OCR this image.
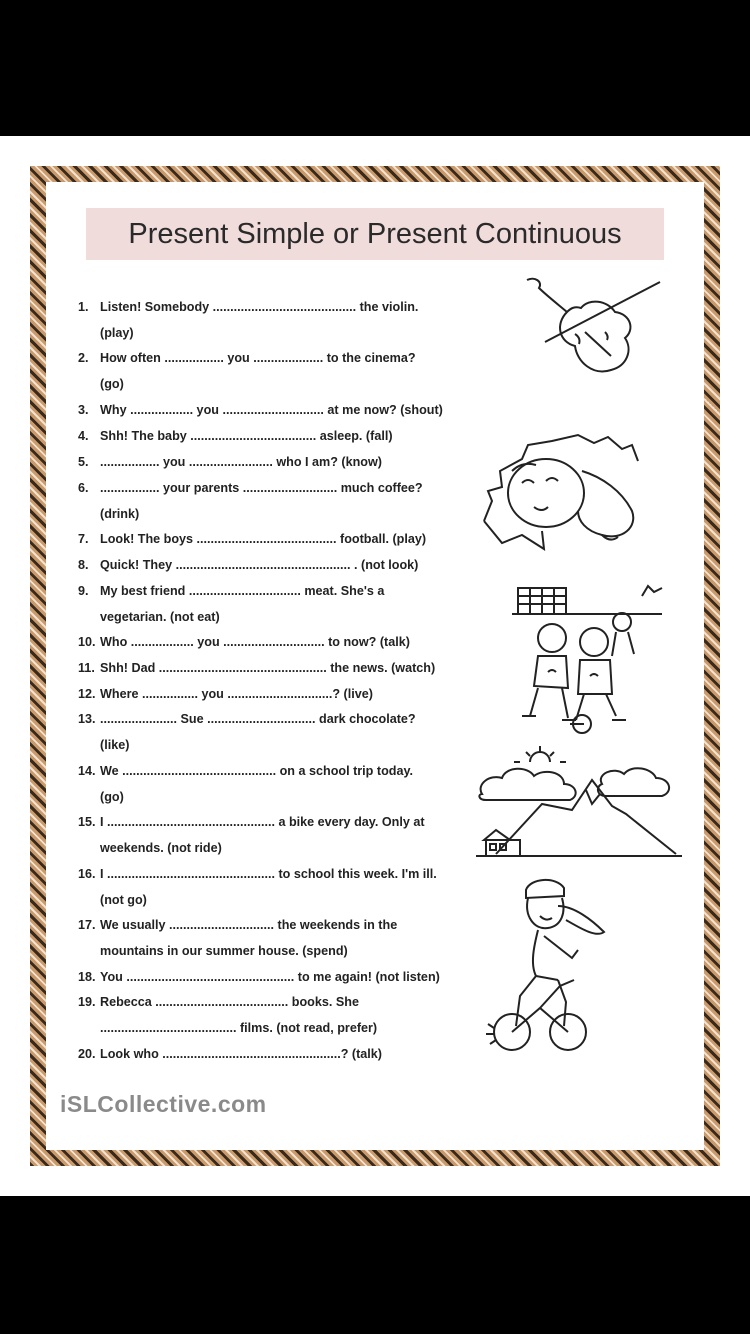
Present Simple or Present Continuous
1. Listen! Somebody ......................................... the violin.
(play)
2. How often ................. you .................... to the cinema?
(go)
3. Why .................. you ............................. at me now? (shout)
4. Shh! The baby .................................... asleep. (fall)
5. ................. you ........................ who I am? (know)
6. ................. your parents ........................... much coffee?
(drink)
7. Look! The boys ........................................ football. (play)
8. Quick! They .................................................. . (not look)
9. My best friend ................................ meat. She's a
vegetarian. (not eat)
10. Who .................. you ............................. to now? (talk)
11. Shh! Dad ................................................ the news. (watch)
12. Where ................ you ..............................? (live)
13. ...................... Sue ............................... dark chocolate?
(like)
14. We ............................................ on a school trip today.
(go)
15. I ................................................ a bike every day. Only at
weekends. (not ride)
16. I ................................................ to school this week. I'm ill.
(not go)
17. We usually .............................. the weekends in the
mountains in our summer house. (spend)
18. You ................................................ to me again! (not listen)
19. Rebecca ...................................... books. She
....................................... films. (not read, prefer)
20. Look who ...................................................? (talk)
iSLCollective.com
